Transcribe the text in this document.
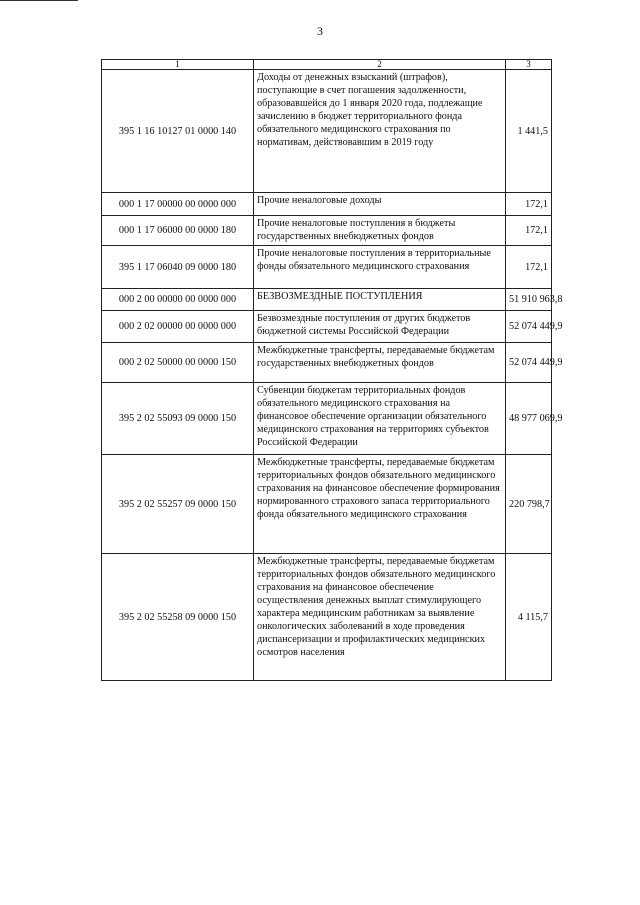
3
1	2	3
395 1 16 10127 01 0000 140	Доходы от денежных взысканий (штрафов), поступающие в счет погашения задолженности, образовавшейся до 1 января 2020 года, подлежащие зачислению в бюджет территориального фонда обязательного медицинского страхования по нормативам, действовавшим в 2019 году	1 441,5
000 1 17 00000 00 0000 000	Прочие неналоговые доходы	172,1
000 1 17 06000 00 0000 180	Прочие неналоговые поступления в бюджеты государственных внебюджетных фондов	172,1
395 1 17 06040 09 0000 180	Прочие неналоговые поступления в территориальные фонды обязательного медицинского страхования	172,1
000 2 00 00000 00 0000 000	БЕЗВОЗМЕЗДНЫЕ ПОСТУПЛЕНИЯ	51 910 963,8
000 2 02 00000 00 0000 000	Безвозмездные поступления от других бюджетов бюджетной системы Российской Федерации	52 074 449,9
000 2 02 50000 00 0000 150	Межбюджетные трансферты, передаваемые бюджетам государственных внебюджетных фондов	52 074 449,9
395 2 02 55093 09 0000 150	Субвенции бюджетам территориальных фондов обязательного медицинского страхования на финансовое обеспечение организации обязательного медицинского страхования на территориях субъектов Российской Федерации	48 977 069,9
395 2 02 55257 09 0000 150	Межбюджетные трансферты, передаваемые бюджетам территориальных фондов обязательного медицинского страхования на финансовое обеспечение формирования нормированного страхового запаса территориального фонда обязательного медицинского страхования	220 798,7
395 2 02 55258 09 0000 150	Межбюджетные трансферты, передаваемые бюджетам территориальных фондов обязательного медицинского страхования на финансовое обеспечение осуществления денежных выплат стимулирующего характера медицинским работникам за выявление онкологических заболеваний в ходе проведения диспансеризации и профилактических медицинских осмотров населения	4 115,7
